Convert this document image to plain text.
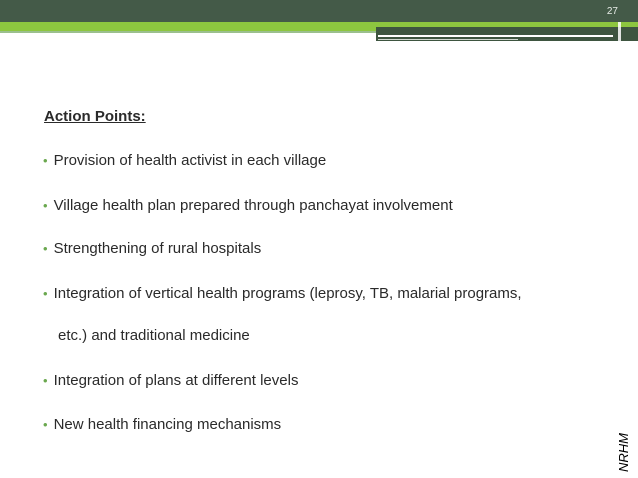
27
Action Points:
• Provision of health activist in each village
• Village health plan prepared through panchayat involvement
• Strengthening of rural hospitals
• Integration of vertical health programs (leprosy, TB, malarial programs,
etc.) and traditional medicine
• Integration of plans at different levels
• New health financing mechanisms
NRHM
